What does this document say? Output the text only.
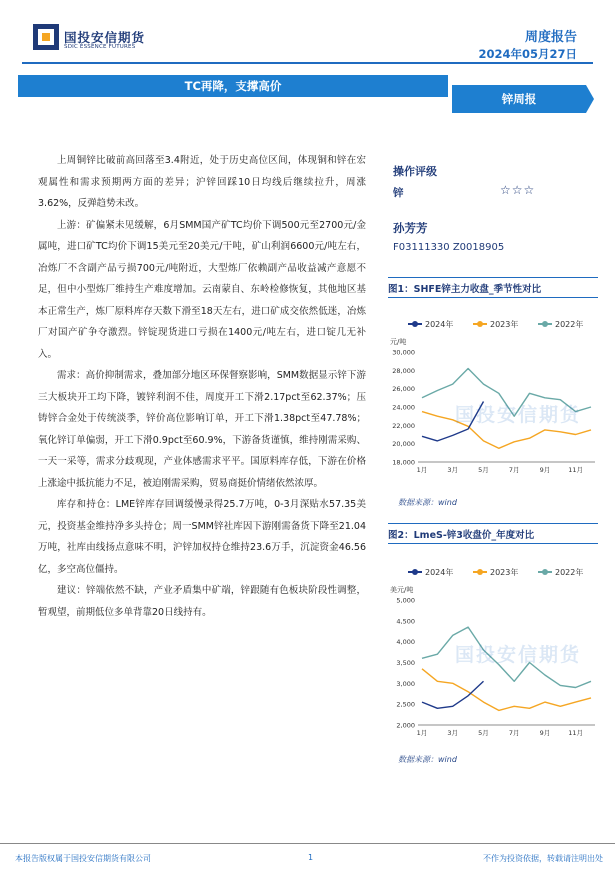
国投安信期货
SDIC ESSENCE FUTURES
周度报告
2024年05月27日
TC再降，支撑高价
锌周报

上周铜锌比破前高回落至3.4附近，处于历史高位区间，体现铜和锌在宏观属性和需求预期两方面的差异；沪锌回踩10日均线后继续拉升，周涨3.62%，反弹趋势未改。

上游：矿偏紧未见缓解，6月SMM国产矿TC均价下调500元至2700元/金属吨，进口矿TC均价下调15美元至20美元/干吨，矿山利润6600元/吨左右，冶炼厂不含副产品亏损700元/吨附近，大型炼厂依赖副产品收益减产意愿不足，但中小型炼厂维持生产难度增加。云南蒙自、东岭检修恢复，其他地区基本正常生产，炼厂原料库存天数下滑至18天左右，进口矿成交依然低迷，冶炼厂对国产矿争夺激烈。锌锭现货进口亏损在1400元/吨左右，进口锭几无补入。

需求：高价抑制需求，叠加部分地区环保督察影响，SMM数据显示锌下游三大板块开工均下降，镀锌利润不佳，周度开工下滑2.17pct至62.37%；压铸锌合金处于传统淡季，锌价高位影响订单，开工下滑1.38pct至47.78%；氧化锌订单偏弱，开工下滑0.9pct至60.9%，下游备货谨慎，维持刚需采购、一天一采等，需求分歧观现，产业体感需求平平。国原料库存低，下游在价格上涨途中抵抗能力不足，被迫刚需采购，贸易商挺价情绪依然浓厚。

库存和持仓：LME锌库存回调缓慢录得25.7万吨，0-3月深贴水57.35美元，投资基金维持净多头持仓；周一SMM锌社库因下游刚需备货下降至21.04万吨，社库由线扬点意味不明，沪锌加权持仓维持23.6万手，沉淀资金46.56亿，多空高位僵持。

建议：锌端依然不缺，产业矛盾集中矿端，锌跟随有色板块阶段性调整，暂观望，前期低位多单背靠20日线持有。

操作评级
锌	☆☆☆
孙芳芳
F03111330 Z0018905
图1：SHFE锌主力收盘_季节性对比
2024年	2023年	2022年
元/吨
30,000
28,000
26,000
24,000
22,000
20,000
18,000
1月	3月	5月	7月	9月	11月
数据来源：wind
图2：LmeS-锌3收盘价_年度对比
2024年	2023年	2022年
美元/吨
5,000
4,500
4,000
3,500
3,000
2,500
2,000
1月	3月	5月	7月	9月	11月
数据来源：wind
国投安信期货
国投安信期货
本报告版权属于国投安信期货有限公司	1	不作为投资依据，转载请注明出处
